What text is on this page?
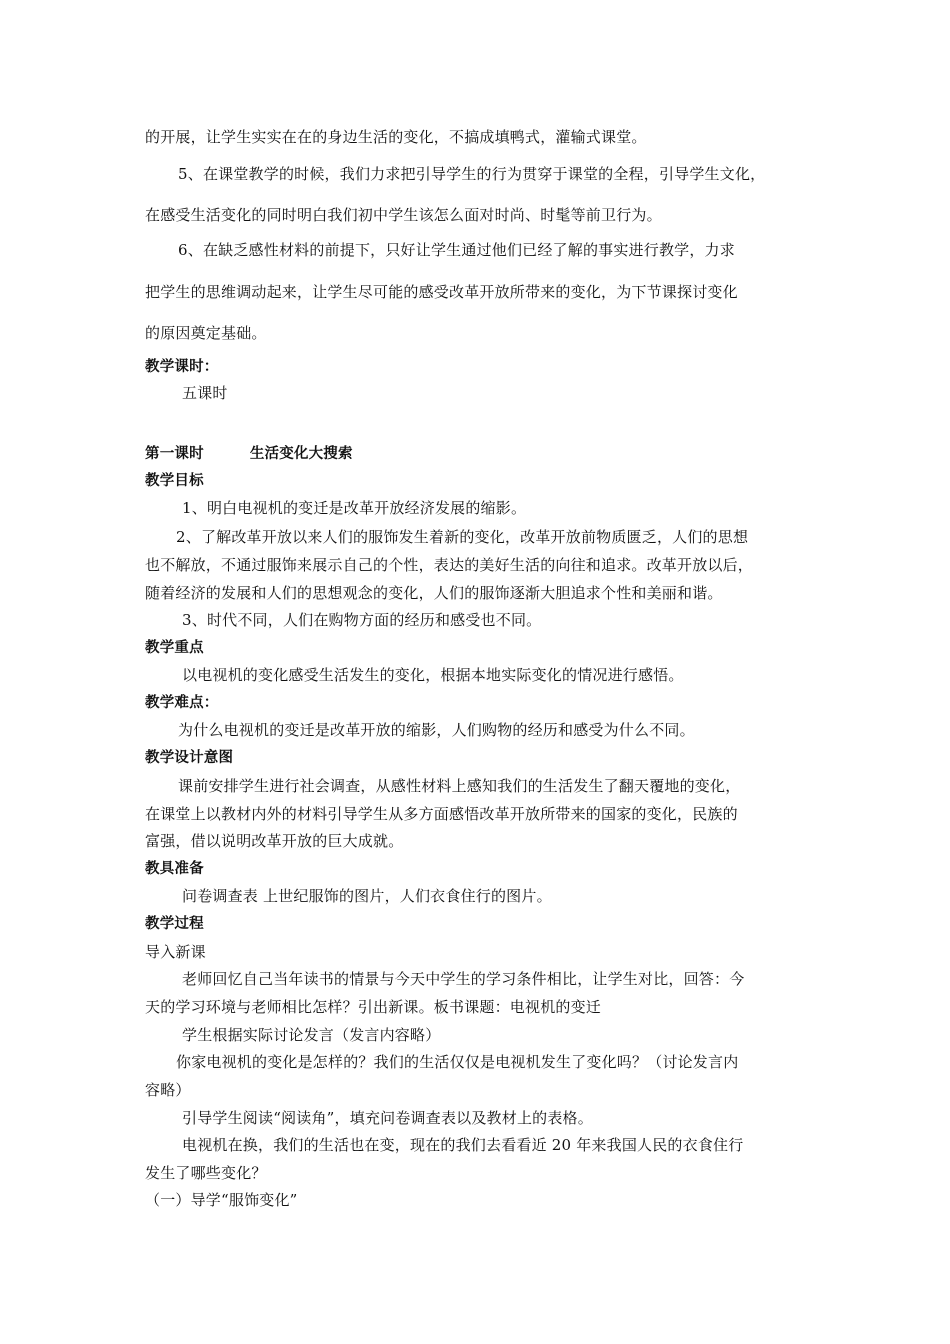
的开展，让学生实实在在的身边生活的变化，不搞成填鸭式，灌输式课堂。

5、在课堂教学的时候，我们力求把引导学生的行为贯穿于课堂的全程，引导学生文化，

在感受生活变化的同时明白我们初中学生该怎么面对时尚、时髦等前卫行为。

6、在缺乏感性材料的前提下，只好让学生通过他们已经了解的事实进行教学，力求

把学生的思维调动起来，让学生尽可能的感受改革开放所带来的变化，为下节课探讨变化

的原因奠定基础。

教学课时：

五课时

第一课时	生活变化大搜索

教学目标

1、明白电视机的变迁是改革开放经济发展的缩影。

2、了解改革开放以来人们的服饰发生着新的变化，改革开放前物质匮乏，人们的思想

也不解放，不通过服饰来展示自己的个性，表达的美好生活的向往和追求。改革开放以后，

随着经济的发展和人们的思想观念的变化，人们的服饰逐渐大胆追求个性和美丽和谐。

3、时代不同，人们在购物方面的经历和感受也不同。

教学重点

以电视机的变化感受生活发生的变化，根据本地实际变化的情况进行感悟。

教学难点：

为什么电视机的变迁是改革开放的缩影，人们购物的经历和感受为什么不同。

教学设计意图

课前安排学生进行社会调查，从感性材料上感知我们的生活发生了翻天覆地的变化，

在课堂上以教材内外的材料引导学生从多方面感悟改革开放所带来的国家的变化，民族的

富强，借以说明改革开放的巨大成就。

教具准备

问卷调查表 上世纪服饰的图片，人们衣食住行的图片。

教学过程

导入新课

老师回忆自己当年读书的情景与今天中学生的学习条件相比，让学生对比，回答：今

天的学习环境与老师相比怎样？引出新课。板书课题：电视机的变迁

学生根据实际讨论发言（发言内容略）

你家电视机的变化是怎样的？我们的生活仅仅是电视机发生了变化吗？（讨论发言内

容略）

引导学生阅读“阅读角”，填充问卷调查表以及教材上的表格。

电视机在换，我们的生活也在变，现在的我们去看看近 20 年来我国人民的衣食住行

发生了哪些变化？

（一）导学“服饰变化”
